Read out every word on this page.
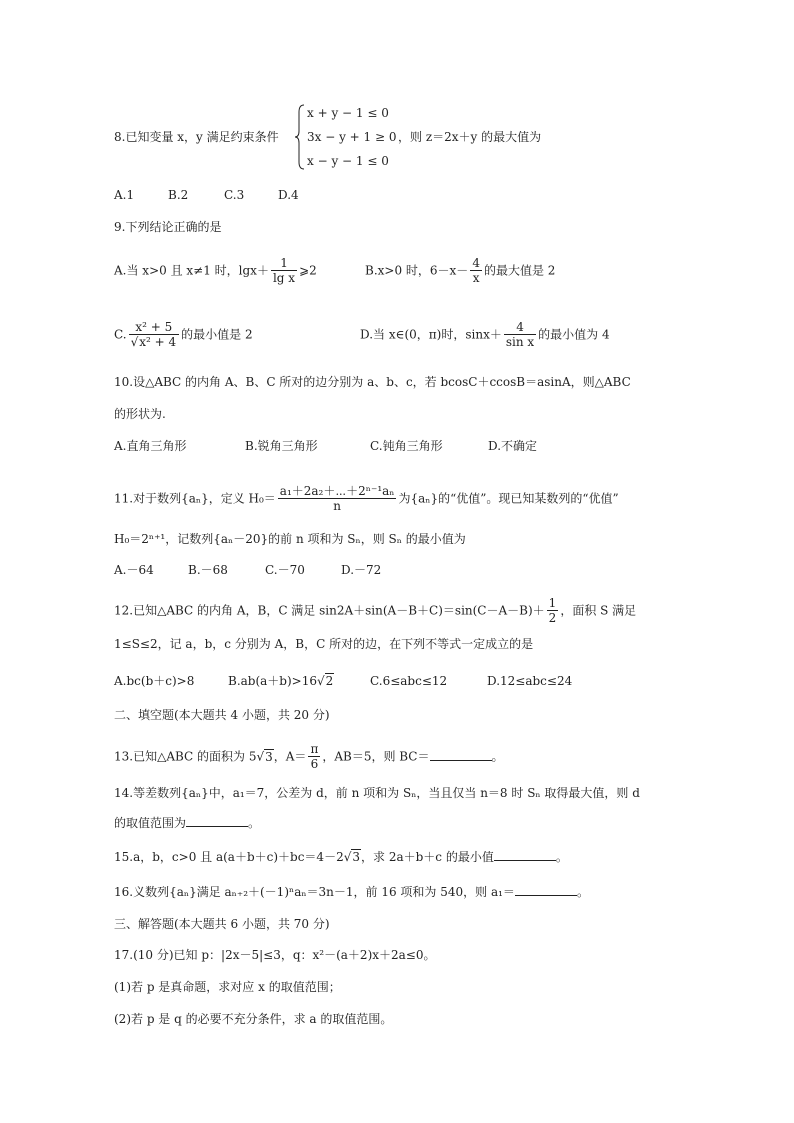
8.已知变量 x，y 满足约束条件
x + y − 1 ≤ 0
3x − y + 1 ≥ 0
x − y − 1 ≤ 0
，则 z＝2x＋y 的最大值为
A.1	B.2	C.3	D.4
9.下列结论正确的是
A.当 x>0 且 x≠1 时，$\lg x+ \frac{1}{\text{lg x}}$ ⩾2	B.x>0 时，$6-x- \frac{4}{x}$ 的最大值是 2
C. $\frac{\text{x² + 5}}{\text{√x² + 4}}$ 的最小值是 2	D.当 x∈(0，π)时，$\sin x+ \frac{4}{\text{sin x}}$ 的最小值为 4
10.设△ABC 的内角 A、B、C 所对的边分别为 a、b、c，若 bcosC＋ccosB＝asinA，则△ABC
的形状为.
A.直角三角形	B.锐角三角形	C.钝角三角形	D.不确定
11.对于数列{aₙ}，定义 $H_0= \frac{\text{a₁＋2a₂＋⋯＋2ⁿ⁻¹aₙ}}{n}$ 为{aₙ}的“优值”。现已知某数列的“优值”
H₀＝2ⁿ⁺¹，记数列{aₙ－20}的前 n 项和为 Sₙ，则 Sₙ 的最小值为
A.－64	B.－68	C.－70	D.－72
12.已知△ABC 的内角 A，B，C 满足 $\sin 2A+\sin(A-B+C)=\sin(C-A-B)+ \frac{1}{2}$ ，面积 S 满足
1≤S≤2，记 a，b，c 分别为 A，B，C 所对的边，在下列不等式一定成立的是
A.bc(b＋c)>8	B.ab(a＋b)>16√2	C.6≤abc≤12	D.12≤abc≤24
二、填空题(本大题共 4 小题，共 20 分)
13.已知△ABC 的面积为 5√3，$A= \frac{\pi}{6}$ ，AB＝5，则 BC＝	。
14.等差数列{aₙ}中，a₁＝7，公差为 d，前 n 项和为 Sₙ，当且仅当 n＝8 时 Sₙ 取得最大值，则 d
的取值范围为	。
15.a，b，c>0 且 a(a＋b＋c)＋bc＝4－2√3，求 2a＋b＋c 的最小值	。
16.义数列{aₙ}满足 aₙ₊₂＋(－1)ⁿaₙ＝3n－1，前 16 项和为 540，则 a₁＝	。
三、解答题(本大题共 6 小题，共 70 分)
17.(10 分)已知 p：|2x－5|≤3，q：x²－(a＋2)x＋2a≤0。
(1)若 p 是真命题，求对应 x 的取值范围；
(2)若 p 是 q 的必要不充分条件，求 a 的取值范围。
